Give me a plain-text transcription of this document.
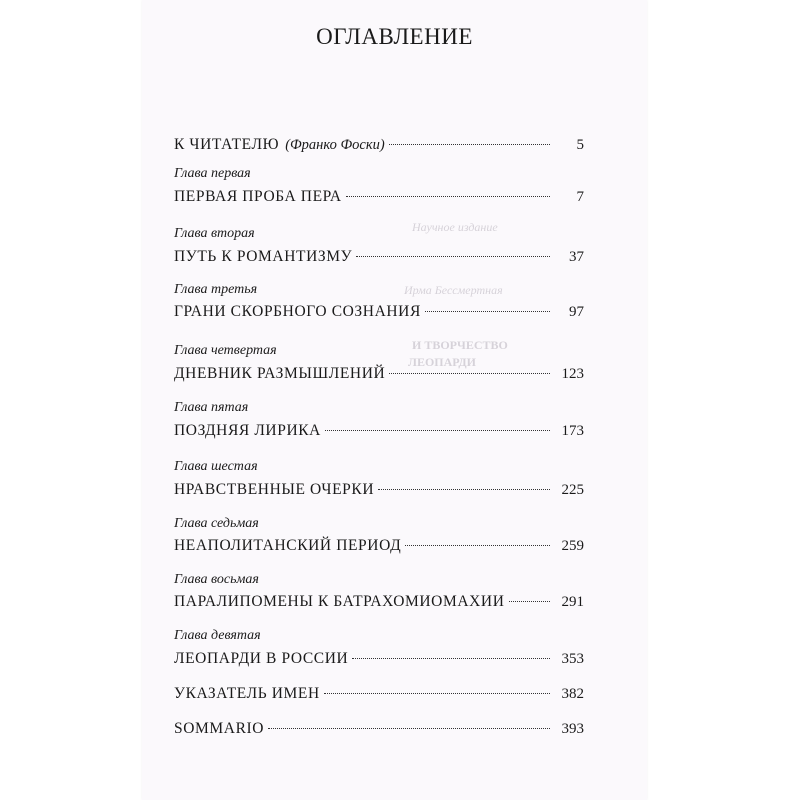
Научное издание
Ирма Бессмертная
И ТВОРЧЕСТВО
ЛЕОПАРДИ
ОГЛАВЛЕНИЕ
К ЧИТАТЕЛЮ (Франко Фоски)	5
Глава первая
ПЕРВАЯ ПРОБА ПЕРА	7
Глава вторая
ПУТЬ К РОМАНТИЗМУ	37
Глава третья
ГРАНИ СКОРБНОГО СОЗНАНИЯ	97
Глава четвертая
ДНЕВНИК РАЗМЫШЛЕНИЙ	123
Глава пятая
ПОЗДНЯЯ ЛИРИКА	173
Глава шестая
НРАВСТВЕННЫЕ ОЧЕРКИ	225
Глава седьмая
НЕАПОЛИТАНСКИЙ ПЕРИОД	259
Глава восьмая
ПАРАЛИПОМЕНЫ К БАТРАХОМИОМАХИИ	291
Глава девятая
ЛЕОПАРДИ В РОССИИ	353
УКАЗАТЕЛЬ ИМЕН	382
SOMMARIO	393
